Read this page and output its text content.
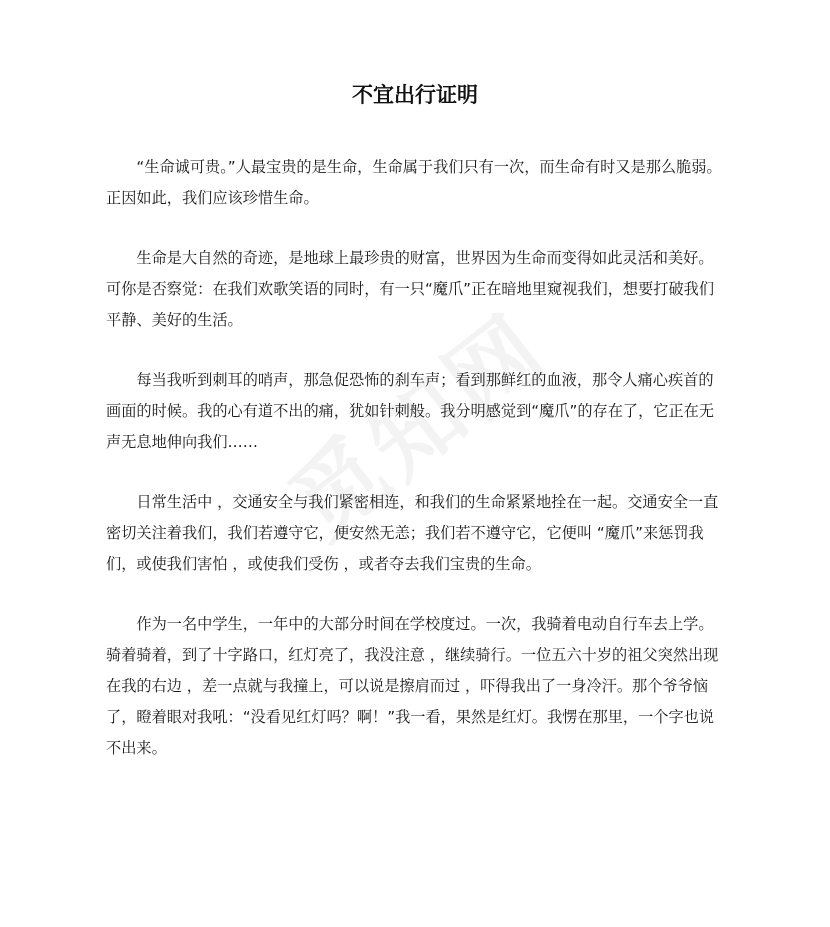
不宜出行证明

“生命诚可贵。”人最宝贵的是生命，生命属于我们只有一次，而生命有时又是那么脆弱。正因如此，我们应该珍惜生命。

生命是大自然的奇迹，是地球上最珍贵的财富，世界因为生命而变得如此灵活和美好。可你是否察觉：在我们欢歌笑语的同时，有一只“魔爪”正在暗地里窥视我们，想要打破我们平静、美好的生活。

每当我听到刺耳的哨声，那急促恐怖的刹车声；看到那鲜红的血液，那令人痛心疾首的画面的时候。我的心有道不出的痛，犹如针刺般。我分明感觉到“魔爪”的存在了，它正在无声无息地伸向我们……

日常生活中 ，交通安全与我们紧密相连，和我们的生命紧紧地拴在一起。交通安全一直密切关注着我们，我们若遵守它，便安然无恙；我们若不遵守它，它便叫 “魔爪”来惩罚我们，或使我们害怕 ，或使我们受伤 ，或者夺去我们宝贵的生命。

作为一名中学生，一年中的大部分时间在学校度过。一次，我骑着电动自行车去上学。骑着骑着，到了十字路口，红灯亮了，我没注意 ，继续骑行。一位五六十岁的祖父突然出现在我的右边 ，差一点就与我撞上，可以说是擦肩而过 ，吓得我出了一身冷汗。那个爷爷恼了，瞪着眼对我吼：“没看见红灯吗？啊！”我一看，果然是红灯。我愣在那里，一个字也说不出来。
